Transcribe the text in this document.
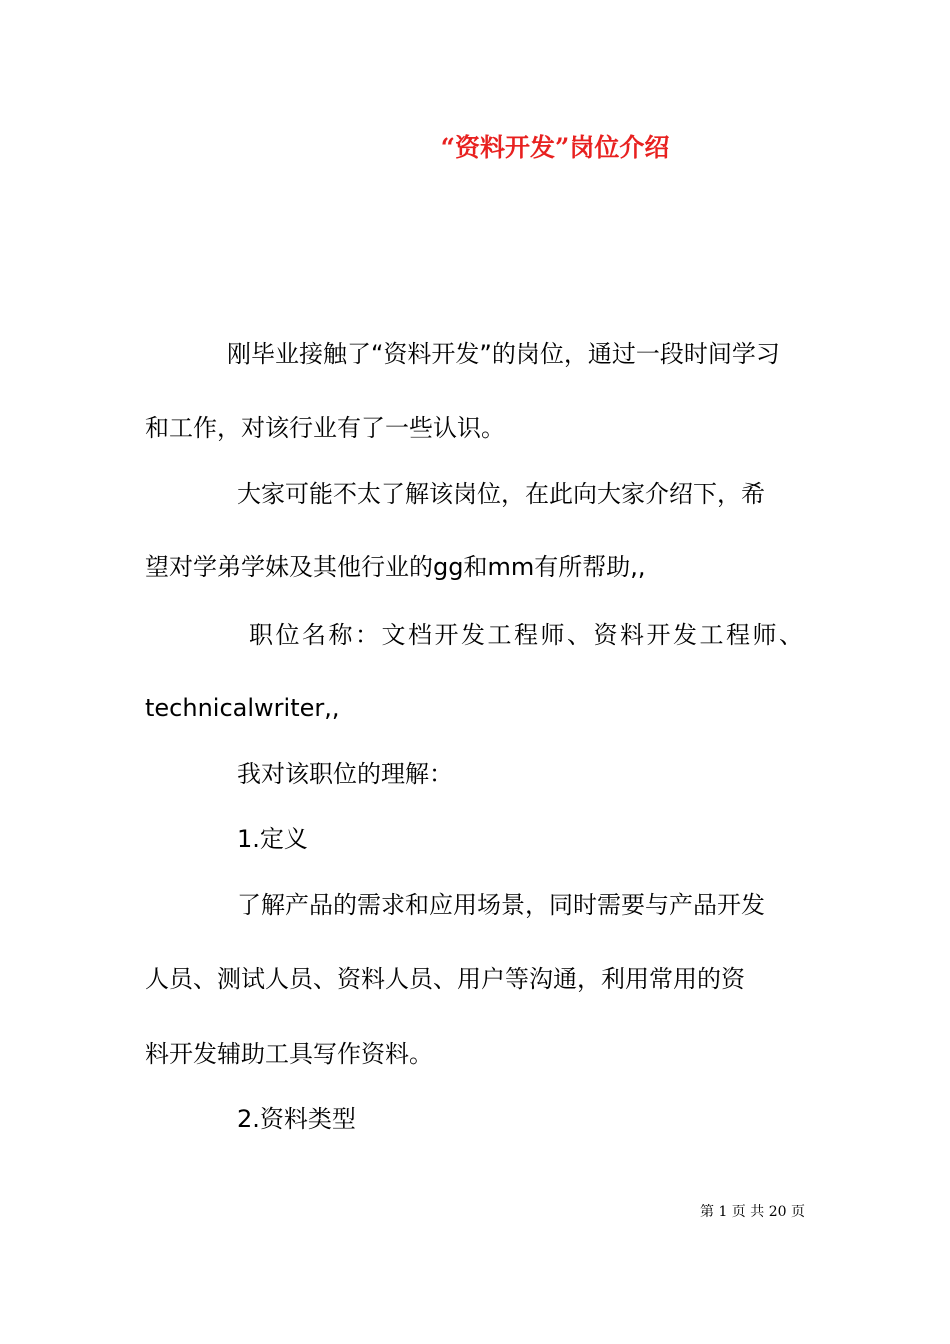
“资料开发”岗位介绍

刚毕业接触了“资料开发”的岗位，通过一段时间学习

和工作，对该行业有了一些认识。

大家可能不太了解该岗位，在此向大家介绍下，希

望对学弟学妹及其他行业的gg和mm有所帮助,,

职位名称：文档开发工程师、资料开发工程师、

technicalwriter,,

我对该职位的理解：

1.定义

了解产品的需求和应用场景，同时需要与产品开发

人员、测试人员、资料人员、用户等沟通，利用常用的资

料开发辅助工具写作资料。

2.资料类型

第 1 页 共 20 页
